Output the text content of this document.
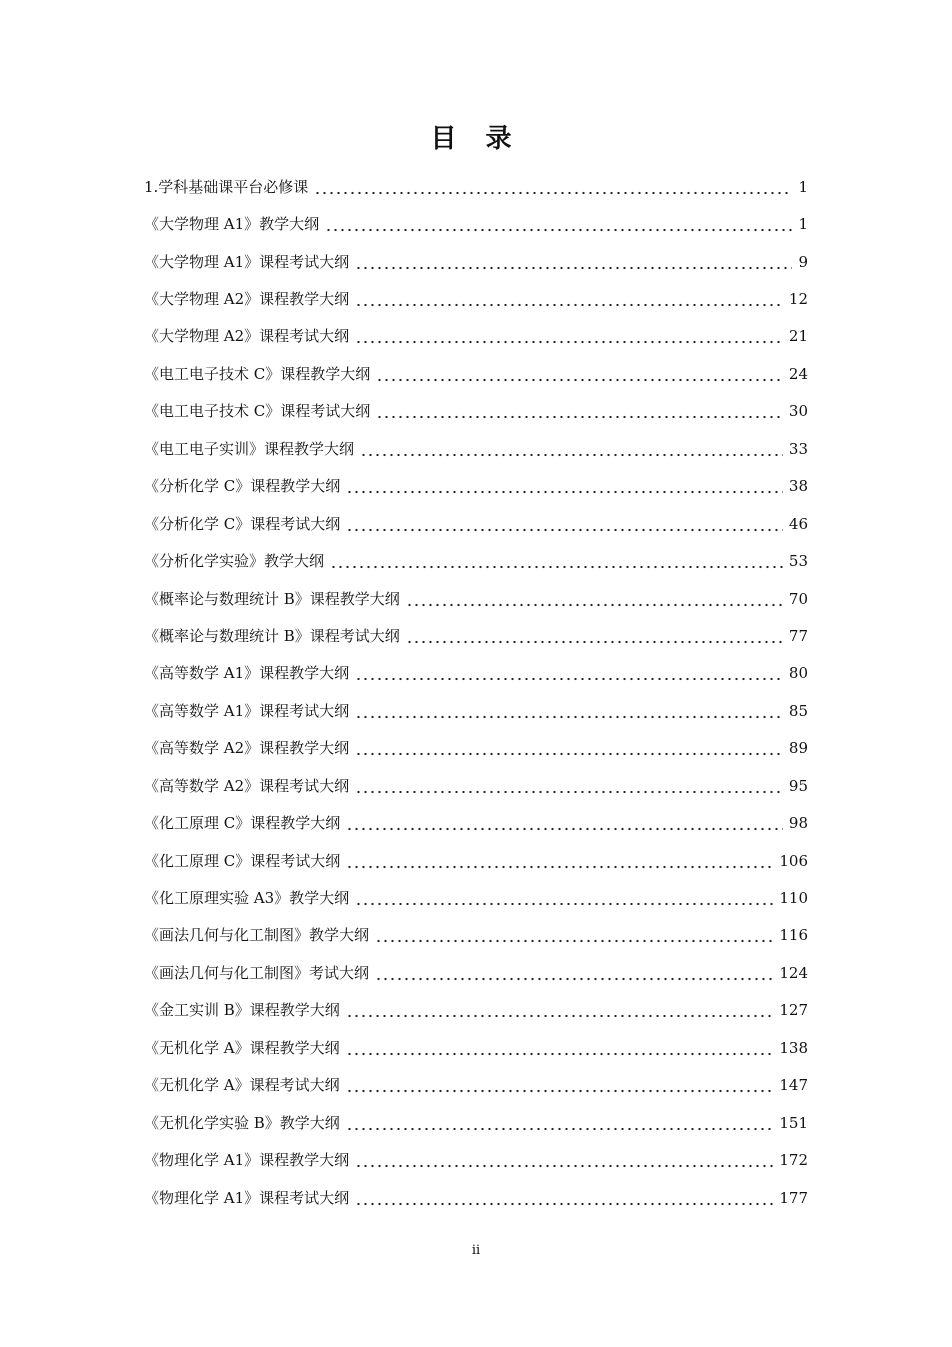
目 录
1.学科基础课平台必修课	1
《大学物理 A1》教学大纲	1
《大学物理 A1》课程考试大纲	9
《大学物理 A2》课程教学大纲	12
《大学物理 A2》课程考试大纲	21
《电工电子技术 C》课程教学大纲	24
《电工电子技术 C》课程考试大纲	30
《电工电子实训》课程教学大纲	33
《分析化学 C》课程教学大纲	38
《分析化学 C》课程考试大纲	46
《分析化学实验》教学大纲	53
《概率论与数理统计 B》课程教学大纲	70
《概率论与数理统计 B》课程考试大纲	77
《高等数学 A1》课程教学大纲	80
《高等数学 A1》课程考试大纲	85
《高等数学 A2》课程教学大纲	89
《高等数学 A2》课程考试大纲	95
《化工原理 C》课程教学大纲	98
《化工原理 C》课程考试大纲	106
《化工原理实验 A3》教学大纲	110
《画法几何与化工制图》教学大纲	116
《画法几何与化工制图》考试大纲	124
《金工实训 B》课程教学大纲	127
《无机化学 A》课程教学大纲	138
《无机化学 A》课程考试大纲	147
《无机化学实验 B》教学大纲	151
《物理化学 A1》课程教学大纲	172
《物理化学 A1》课程考试大纲	177
ii
